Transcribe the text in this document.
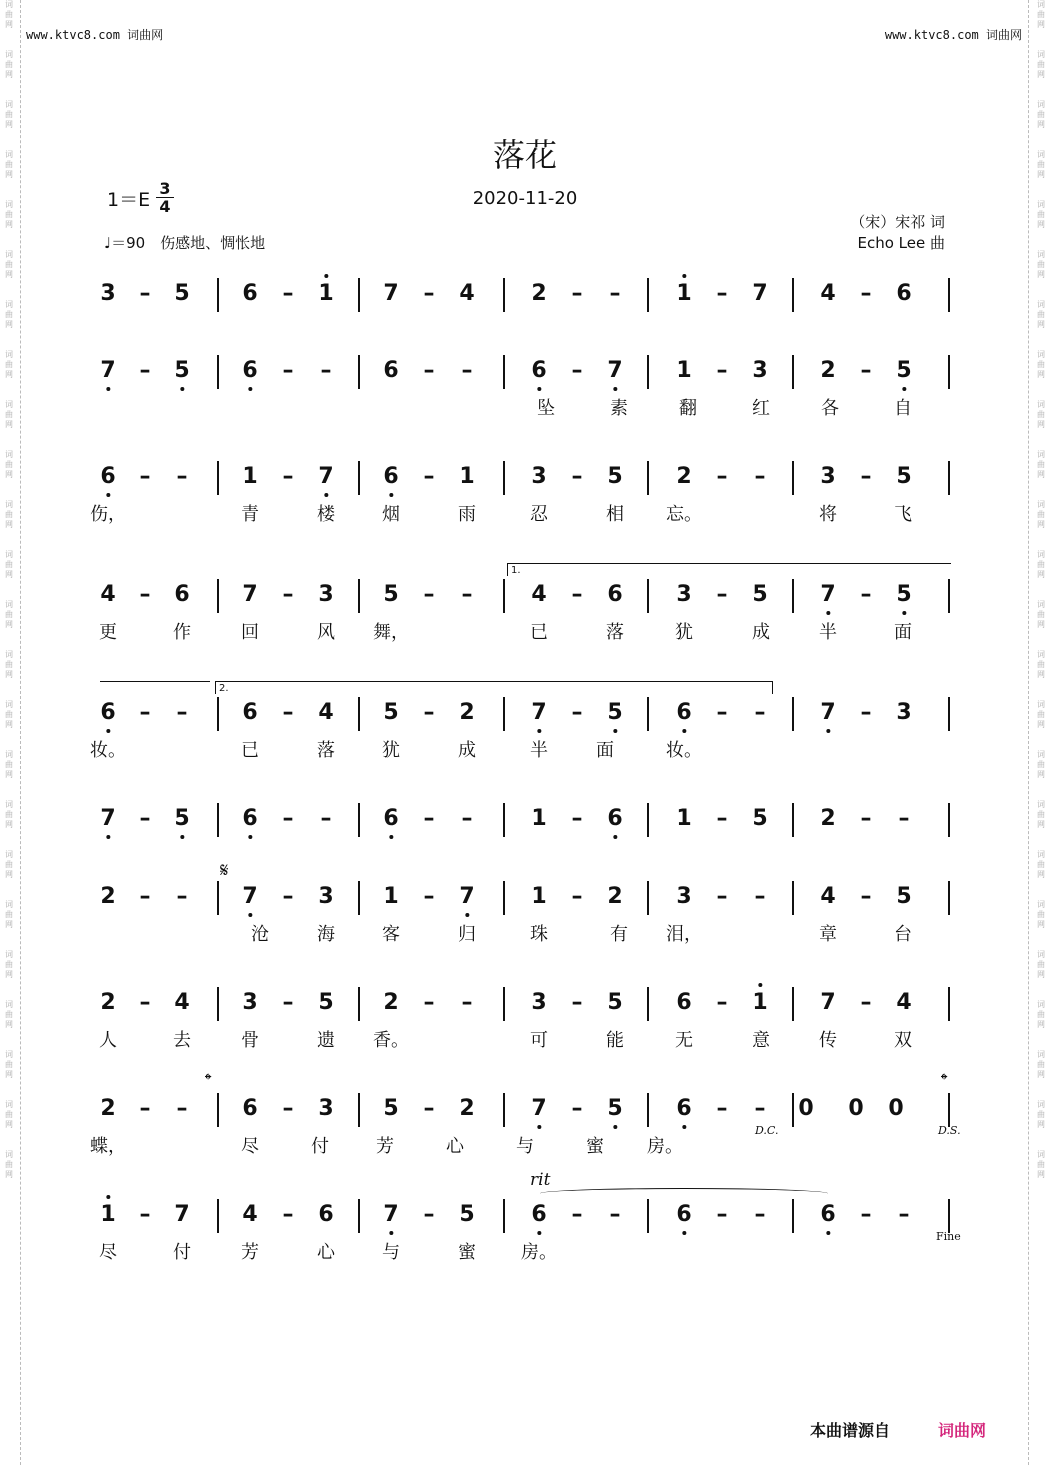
www.ktvc8.com 词曲网	www.ktvc8.com 词曲网
词
曲
网

词
曲
网

词
曲
网

词
曲
网

词
曲
网

词
曲
网

词
曲
网

词
曲
网

词
曲
网

词
曲
网

词
曲
网

词
曲
网

词
曲
网

词
曲
网

词
曲
网

词
曲
网

词
曲
网

词
曲
网

词
曲
网

词
曲
网

词
曲
网

词
曲
网

词
曲
网

词
曲
网

词
曲
网

词
曲
网

词
曲
网

词
曲
网

词
曲
网

词
曲
网

词
曲
网

词
曲
网

词
曲
网

词
曲
网

词
曲
网

词
曲
网

词
曲
网

词
曲
网

词
曲
网

词
曲
网

词
曲
网

词
曲
网

词
曲
网

词
曲
网

词
曲
网

词
曲
网

词
曲
网

词
曲
网

落花
2020-11-20
$1=E \frac{3}{4}$
♩＝90　伤感地、惆怅地
（宋）宋祁 词
Echo Lee 曲
3 – 5 6 – 1 7 – 4	2 – –	1 – 7 4 – 6
7 – 5 6 – – 6 – –	6 – 7 1 – 3 2 – 5
坠	素	翻	红	各	自
6 – – 1 – 7 6 – 1	3 – 5 2 – – 3 – 5
伤，	青	楼	烟	雨	忍	相 忘。	将	飞
4 – 6 7 – 3 5 – –	4 – 6 3 – 5 7 – 5
更	作	回	风 舞，	已	落	犹	成	半	面
6 – – 6 – 4 5 – 2	7 – 5 6 – – 7 – 3
妆。	已	落	犹	成	半	面	妆。
7 – 5 6 – – 6 – –	1 – 6 1 – 5 2 – –
2 – – 7 – 3 1 – 7	1 – 2 3 – – 4 – 5
沧	海	客	归	珠	有 泪，	章	台
2 – 4 3 – 5 2 – –	3 – 5 6 – 1 7 – 4
人	去	骨	遗 香。	可	能	无	意	传	双
2 – – 6 – 3 5 – 2	7 – 5 6 – – 0 0 0
蝶，	尽	付	芳	心	与	蜜 房。
1 – 7 4 – 6 7 – 5	6 – –	6 – – 6 – –
尽	付	芳	心	与	蜜	房。
1.
2.
𝄋
𝄌	𝄌
D.C.	D.S.
rit
Fine
本曲谱源自	词曲网
